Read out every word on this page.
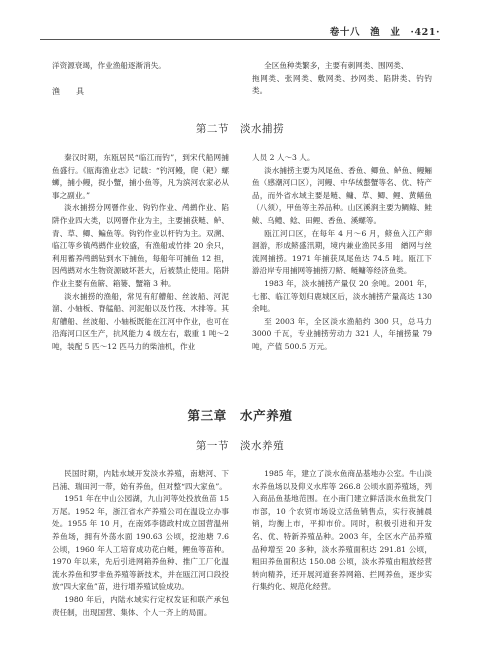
卷十八　渔　业　·421·

洋资源衰竭，作业渔船逐渐消失。

渔　具

全区鱼种类繁多，主要有刺网类、围网类、

拖网类、张网类、敷网类、抄网类、陷阱类、钓钓类。

第二节　淡水捕捞

秦汉时期，东瓯居民“临江而钓”，到宋代船网捕鱼盛行。《瓯海渔业志》记载：“钓河鳗，爬（耙）螺蛳，捕小鳗，捉小蟹，捕小鱼等，凡为滨河农家必从事之副业。”

淡水捕捞分网罾作业、钩钓作业、鸬鹚作业、陷阱作业四大类，以网罾作业为主，主要捕获鲢、鲈、青、草、鲫、鳊鱼等。钩钓作业以杆钓为主。双溯、临江等乡镇鸬鹚作业较盛，有渔船或竹排 20 余只，利用蓄养鸬鹚钻到水下捕鱼，每船年可捕鱼 12 担，因鸬鹚对水生物资源破坏甚大，后被禁止使用。陷阱作业主要有鱼簖、箱篓、蟹箱 3 种。

淡水捕捞的渔船，常见有䑠艚船、丝波船、河泥溜、小轴板、脊艋船、河泥船以及竹筏、木排等。其䑠艚船、丝波船、小轴板既能在江河中作业，也可在沿海河口区生产，抗风能力 4 级左右，载重 1 吨～2 吨，装配 5 匹～12 匹马力的柴油机，作业

人员 2 人～3 人。

淡水捕捞主要为风尾鱼、香鱼、鲫鱼、鲈鱼、鳗鲡鱼（感潮河口区），河鳗、中华绒螯蟹等名、优、特产品，而外省水域主要是鲢、鳙、草、鲫、鲤、黄鳝鱼（八须），甲鱼等主养品种。山区溪涧主要为鲷鲦、鲑鲅、乌鳢、鲶、田鲤、香鱼、溪螺等。

瓯江河口区，在每年 4 月～6 月，鲚鱼入江产卵洄游，形成鲚盛汛期，境内兼业渔民多用　繒网与丝流网捕捞。1971 年捕获凤尾鱼达 74.5 吨。瓯江下游沿岸专用捕网等捕捞刀鲚、鲢鳙等经济鱼类。

1983 年，淡水捕捞产量仅 20 余吨。2001 年，七都、临江等划归鹿城区后，淡水捕捞产量高达 130 余吨。

至 2003 年，全区淡水渔船约 300 只，总马力 3000 千瓦，专业捕捞劳动力 321 人，年捕捞量 79 吨，产值 500.5 万元。

第三章　水产养殖
第一节　淡水养殖

民国时期，内陆水域开发淡水养殖，南塘河、下吕浦、瑞田河一带，始有养鱼，但对整“四大家鱼”。

1951 年在中山公园湖，九山河等处投放鱼苗 15 万尾。1952 年，浙江省水产养殖公司在温设立办事处。1955 年 10 月，在南郊李德政村成立国营温州养鱼场，拥有外荡水面 190.63 公顷，挖池塘 7.6 公顷，1960 年人工培育成功花白鲢，鲤鱼等苗种。1970 年以来，先后引进网箱养鱼种、推广工厂化温流水养鱼和罗非鱼养殖等新技术，并在瓯江河口段投放“四大家鱼”苗，进行增养殖试验成功。

1980 年后，内陆水域实行定权发证和联产承包责任制，出现国营、集体、个人一齐上的局面。

1985 年，建立了淡水鱼商品基地办公室。牛山淡水养鱼场以及仰义水库等 266.8 公顷水面养殖场，列入商品鱼基地范围。在小南门建立鲜活淡水鱼批发门市部，10 个农贸市场设立活鱼销售点，实行夜捕晨销，均衡上市，平抑市价。同时，积极引进和开发名、优、特新养殖品种。2003 年，全区水产品养殖品种增至 20 多种，淡水养殖面积达 291.81 公顷，粗田养鱼面积达 150.08 公顷，淡水养殖由粗放经营转向精养，还开展河道套养网箱、拦网养鱼，逐步实行集约化、规范化经营。
